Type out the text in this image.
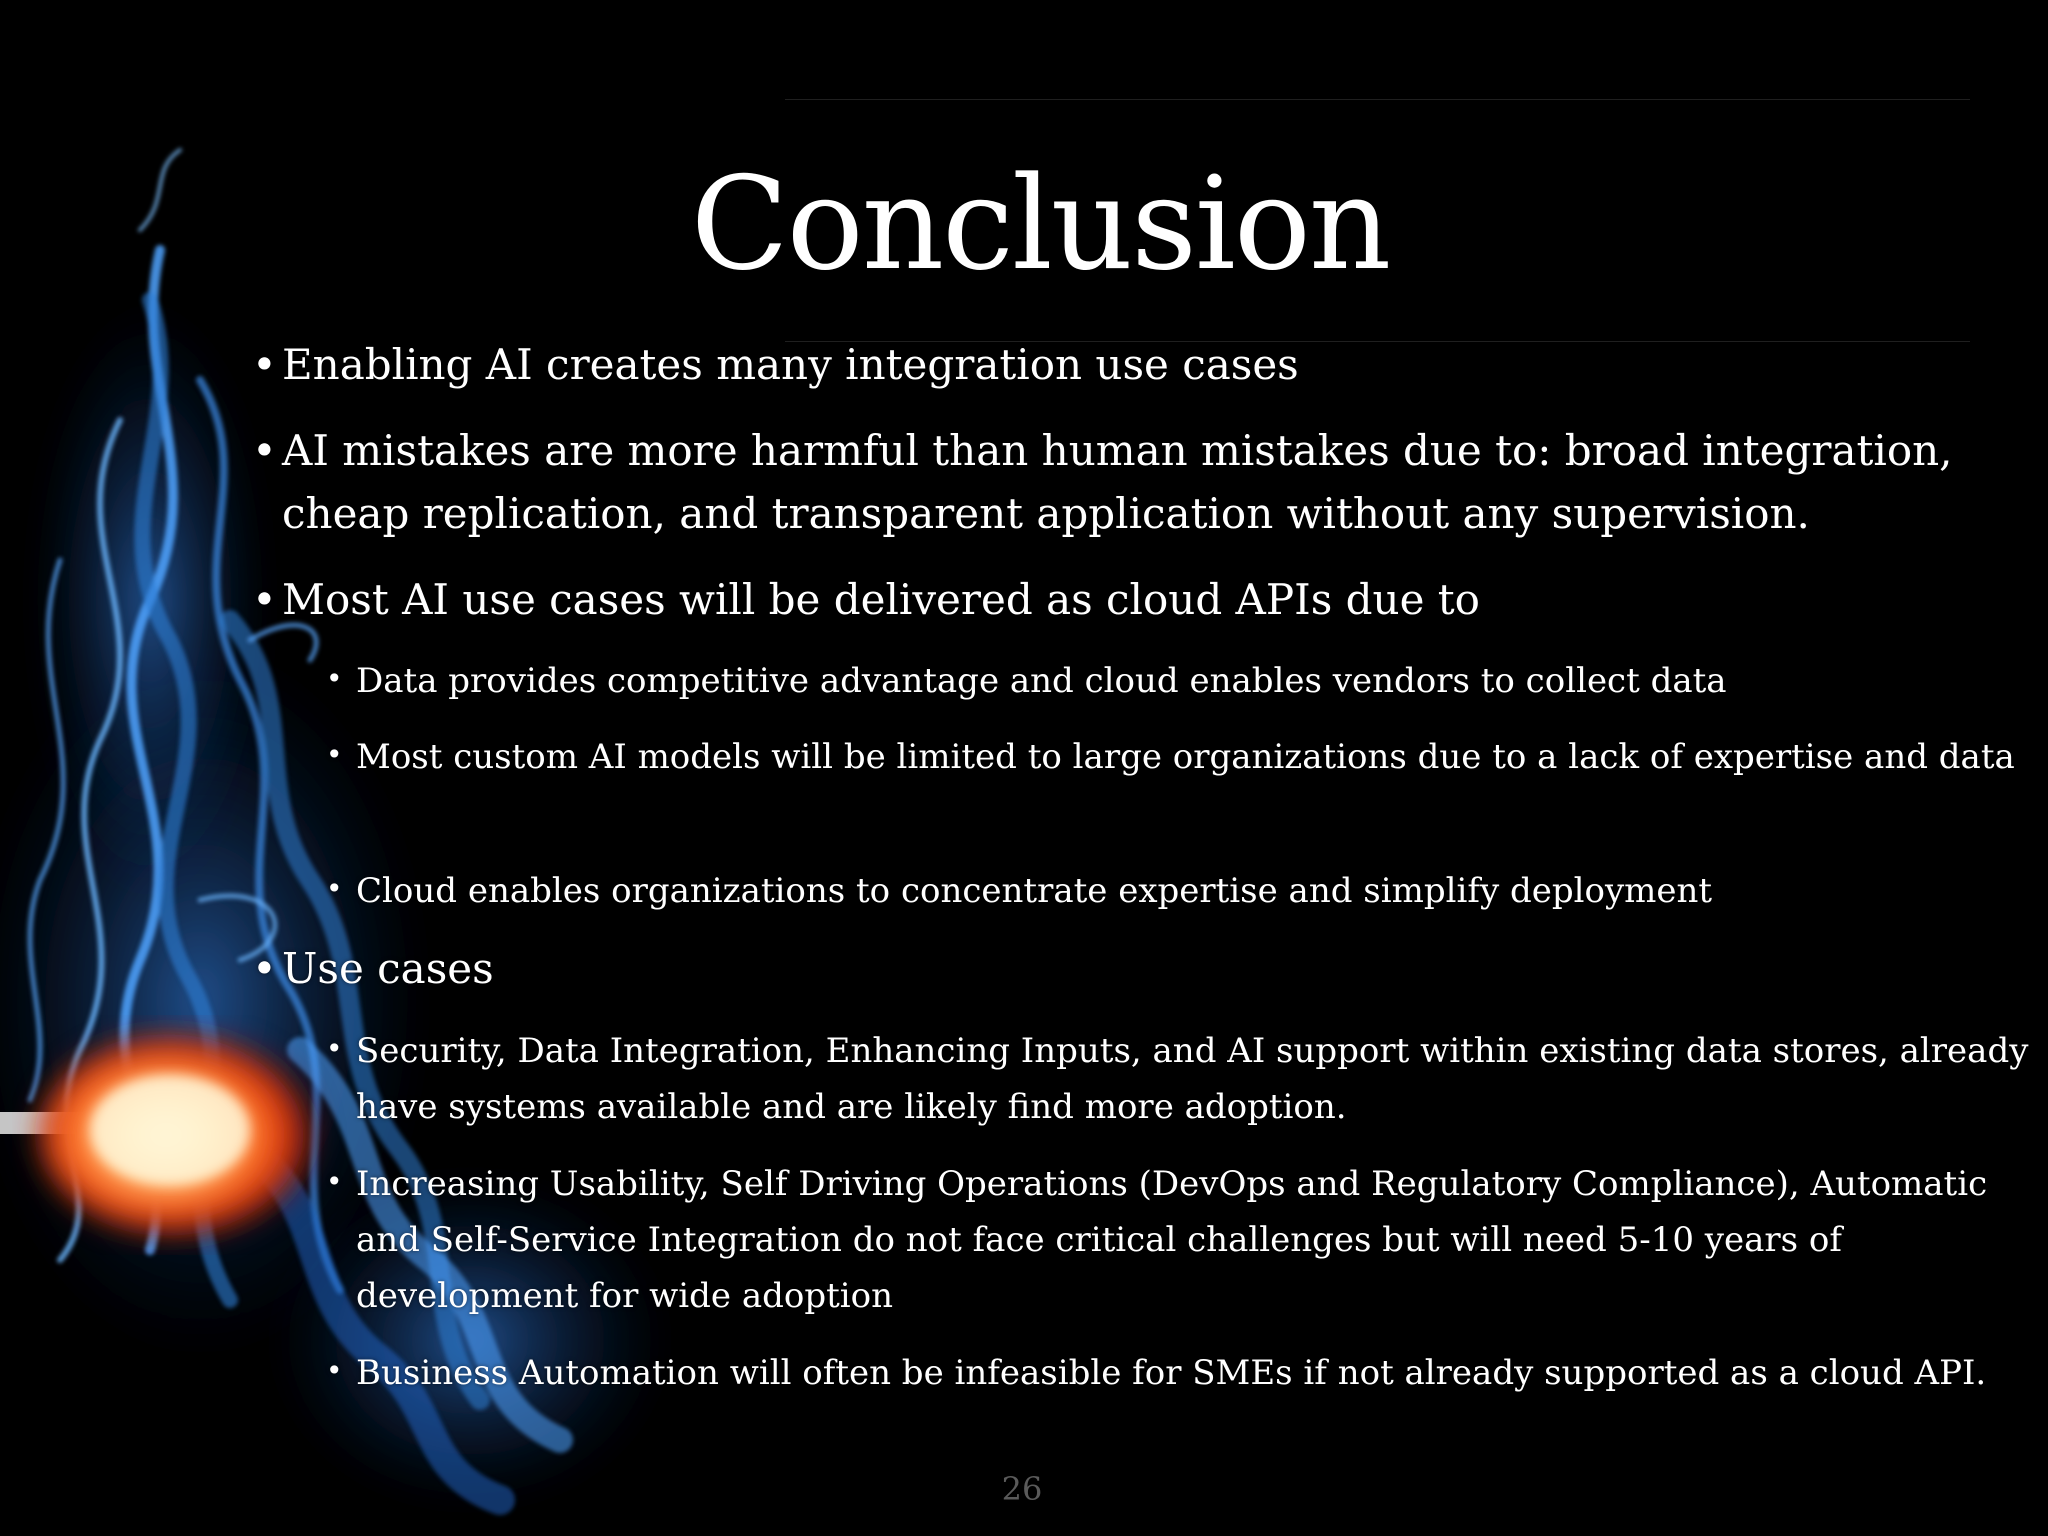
Conclusion
• Enabling AI creates many integration use cases
• AI mistakes are more harmful than human mistakes due to: broad integration, cheap replication, and transparent application without any supervision.
• Most AI use cases will be delivered as cloud APIs due to
• Data provides competitive advantage and cloud enables vendors to collect data
• Most custom AI models will be limited to large organizations due to a lack of expertise and data
• Cloud enables organizations to concentrate expertise and simplify deployment
• Use cases
• Security, Data Integration, Enhancing Inputs, and AI support within existing data stores, already have systems available and are likely find more adoption.
• Increasing Usability, Self Driving Operations (DevOps and Regulatory Compliance), Automatic and Self-Service Integration do not face critical challenges but will need 5-10 years of development for wide adoption
• Business Automation will often be infeasible for SMEs if not already supported as a cloud API.
26
